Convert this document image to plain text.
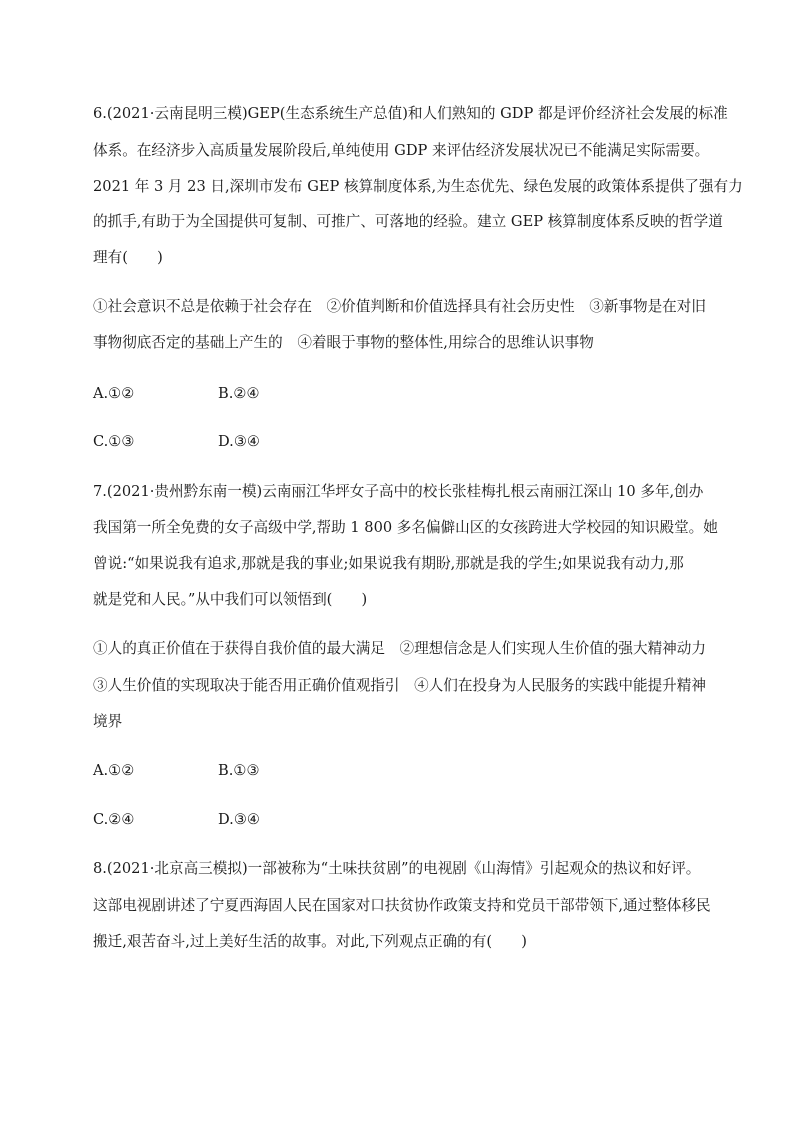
6.(2021·云南昆明三模)GEP(生态系统生产总值)和人们熟知的 GDP 都是评价经济社会发展的标准
体系。在经济步入高质量发展阶段后,单纯使用 GDP 来评估经济发展状况已不能满足实际需要。
2021 年 3 月 23 日,深圳市发布 GEP 核算制度体系,为生态优先、绿色发展的政策体系提供了强有力
的抓手,有助于为全国提供可复制、可推广、可落地的经验。建立 GEP 核算制度体系反映的哲学道
理有(　　)
①社会意识不总是依赖于社会存在　②价值判断和价值选择具有社会历史性　③新事物是在对旧
事物彻底否定的基础上产生的　④着眼于事物的整体性,用综合的思维认识事物
A.①②	B.②④
C.①③	D.③④
7.(2021·贵州黔东南一模)云南丽江华坪女子高中的校长张桂梅扎根云南丽江深山 10 多年,创办
我国第一所全免费的女子高级中学,帮助 1 800 多名偏僻山区的女孩跨进大学校园的知识殿堂。她
曾说:“如果说我有追求,那就是我的事业;如果说我有期盼,那就是我的学生;如果说我有动力,那
就是党和人民。”从中我们可以领悟到(　　)
①人的真正价值在于获得自我价值的最大满足　②理想信念是人们实现人生价值的强大精神动力
③人生价值的实现取决于能否用正确价值观指引　④人们在投身为人民服务的实践中能提升精神
境界
A.①②	B.①③
C.②④	D.③④
8.(2021·北京高三模拟)一部被称为“土味扶贫剧”的电视剧《山海情》引起观众的热议和好评。
这部电视剧讲述了宁夏西海固人民在国家对口扶贫协作政策支持和党员干部带领下,通过整体移民
搬迁,艰苦奋斗,过上美好生活的故事。对此,下列观点正确的有(　　)
